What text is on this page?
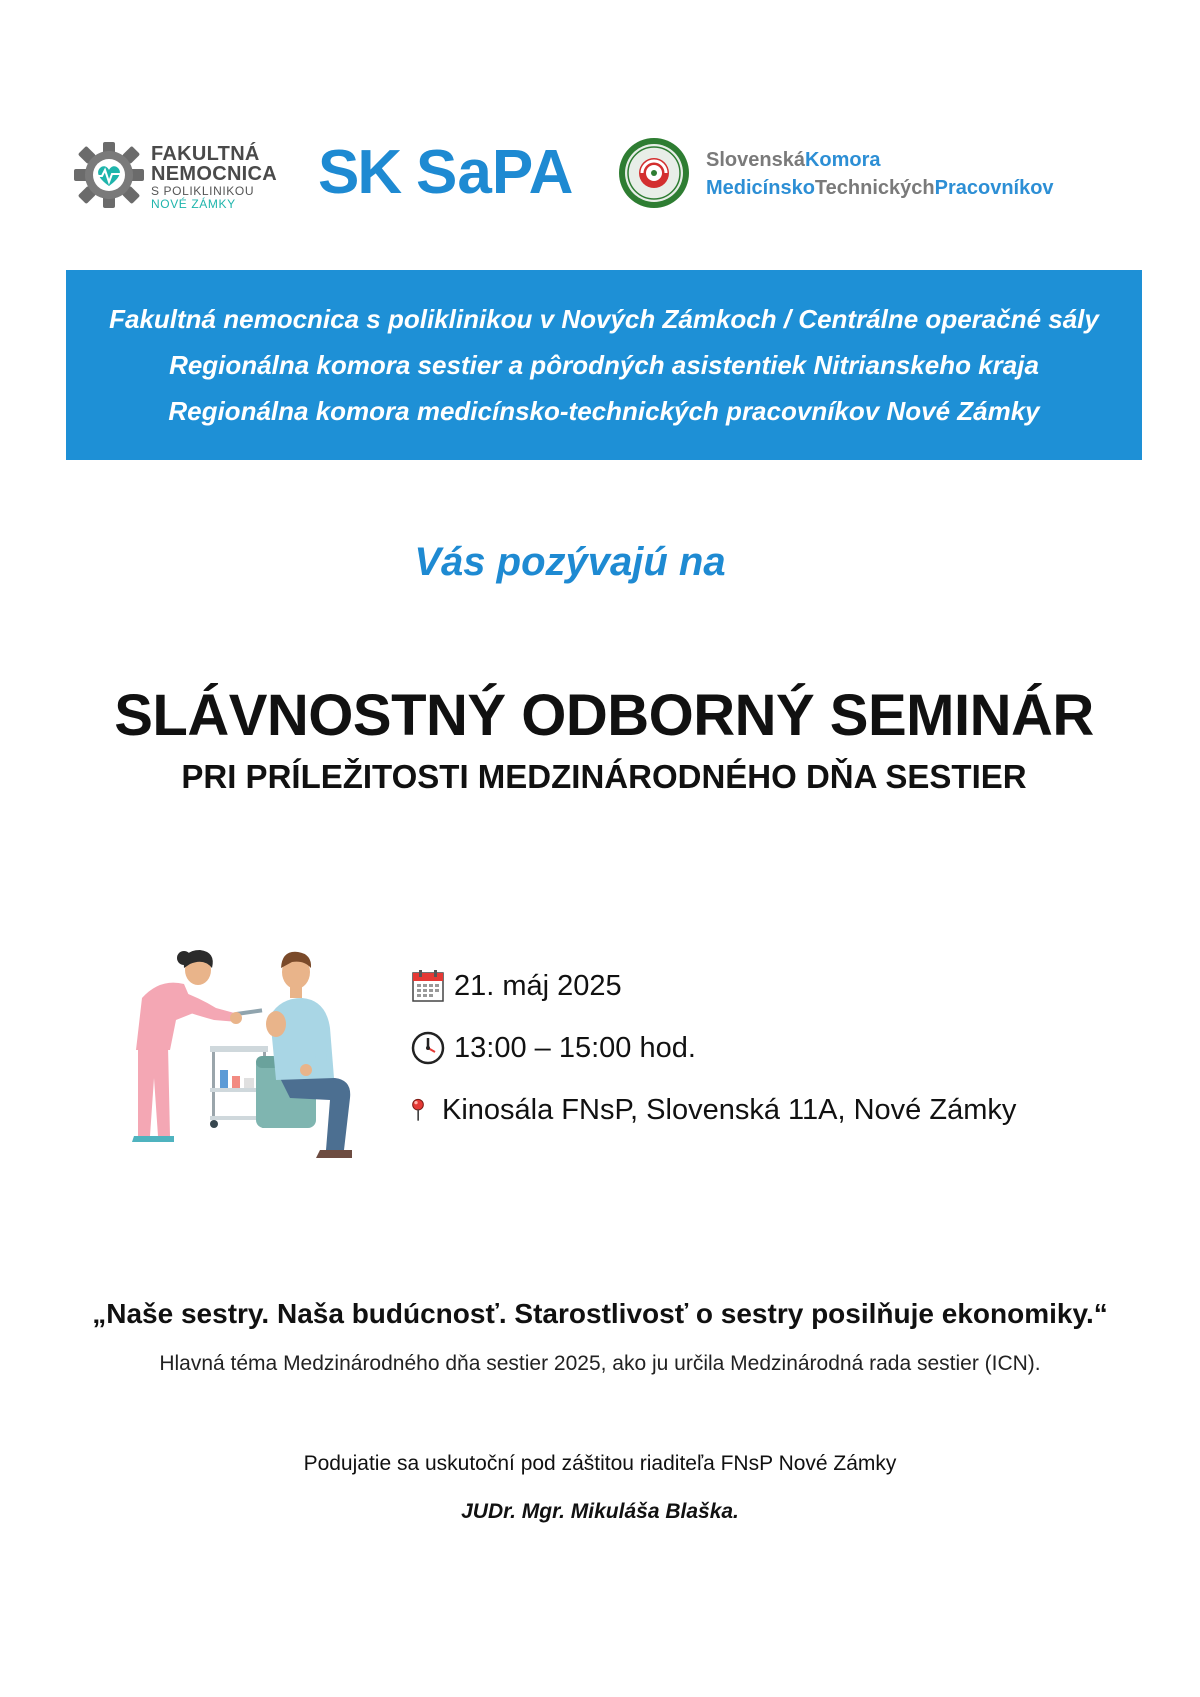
FAKULTNÁ
NEMOCNICA
S POLIKLINIKOU
NOVÉ ZÁMKY	SK SaPA	SlovenskáKomora
MedicínskoTechnickýchPracovníkov
Fakultná nemocnica s poliklinikou v Nových Zámkoch / Centrálne operačné sály
Regionálna komora sestier a pôrodných asistentiek Nitrianskeho kraja
Regionálna komora medicínsko-technických pracovníkov Nové Zámky
Vás pozývajú na
SLÁVNOSTNÝ ODBORNÝ SEMINÁR
PRI PRÍLEŽITOSTI MEDZINÁRODNÉHO DŇA SESTIER
21. máj 2025
13:00 – 15:00 hod.
Kinosála FNsP, Slovenská 11A, Nové Zámky
„Naše sestry. Naša budúcnosť. Starostlivosť o sestry posilňuje ekonomiky.“
Hlavná téma Medzinárodného dňa sestier 2025, ako ju určila Medzinárodná rada sestier (ICN).
Podujatie sa uskutoční pod záštitou riaditeľa FNsP Nové Zámky
JUDr. Mgr. Mikuláša Blaška.
